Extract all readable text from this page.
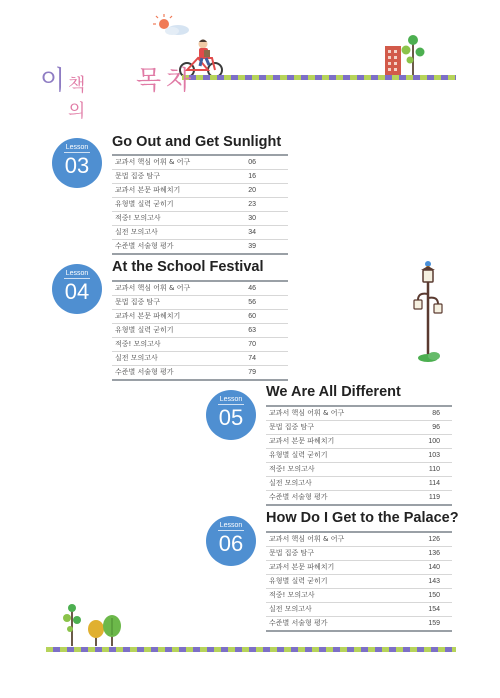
이 책의
목 차
Lesson
03
Go Out and Get Sunlight
교과서 핵심 어휘 & 어구	06
문법 집중 탐구	16
교과서 본문 파헤치기	20
유형별 실력 굳히기	23
적중! 모의고사	30
실전 모의고사	34
수준별 서술형 평가	39
Lesson
04
At the School Festival
교과서 핵심 어휘 & 어구	46
문법 집중 탐구	56
교과서 본문 파헤치기	60
유형별 실력 굳히기	63
적중! 모의고사	70
실전 모의고사	74
수준별 서술형 평가	79
Lesson
05
We Are All Different
교과서 핵심 어휘 & 어구	86
문법 집중 탐구	96
교과서 본문 파헤치기	100
유형별 실력 굳히기	103
적중! 모의고사	110
실전 모의고사	114
수준별 서술형 평가	119
Lesson
06
How Do I Get to the Palace?
교과서 핵심 어휘 & 어구	126
문법 집중 탐구	136
교과서 본문 파헤치기	140
유형별 실력 굳히기	143
적중! 모의고사	150
실전 모의고사	154
수준별 서술형 평가	159
